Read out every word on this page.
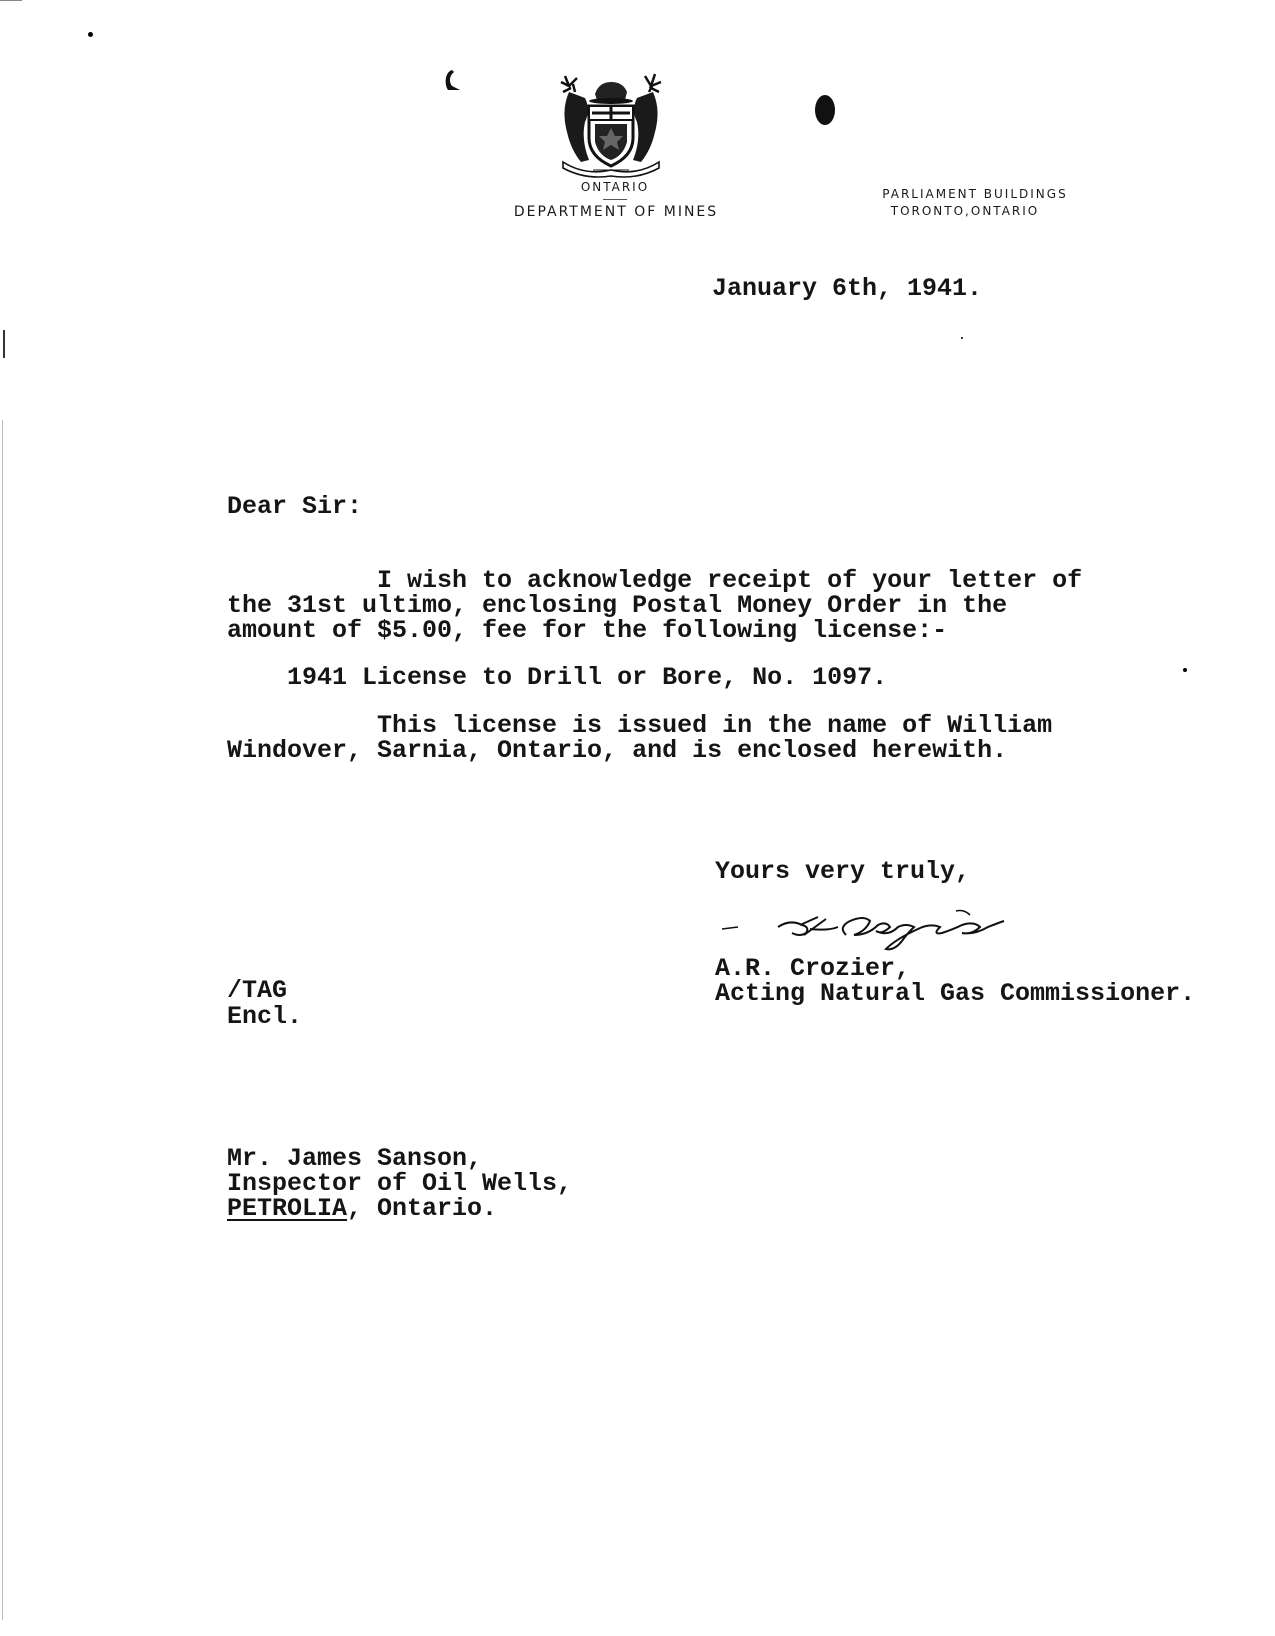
ONTARIO
DEPARTMENT OF MINES
PARLIAMENT BUILDINGS
TORONTO,ONTARIO
January 6th, 1941.
Dear Sir:
I wish to acknowledge receipt of your letter of
the 31st ultimo, enclosing Postal Money Order in the
amount of $5.00, fee for the following license:-
1941 License to Drill or Bore, No. 1097.
This license is issued in the name of William
Windover, Sarnia, Ontario, and is enclosed herewith.
Yours very truly,
A.R. Crozier,
Acting Natural Gas Commissioner.
/TAG
Encl.
Mr. James Sanson,
Inspector of Oil Wells,
PETROLIA, Ontario.
